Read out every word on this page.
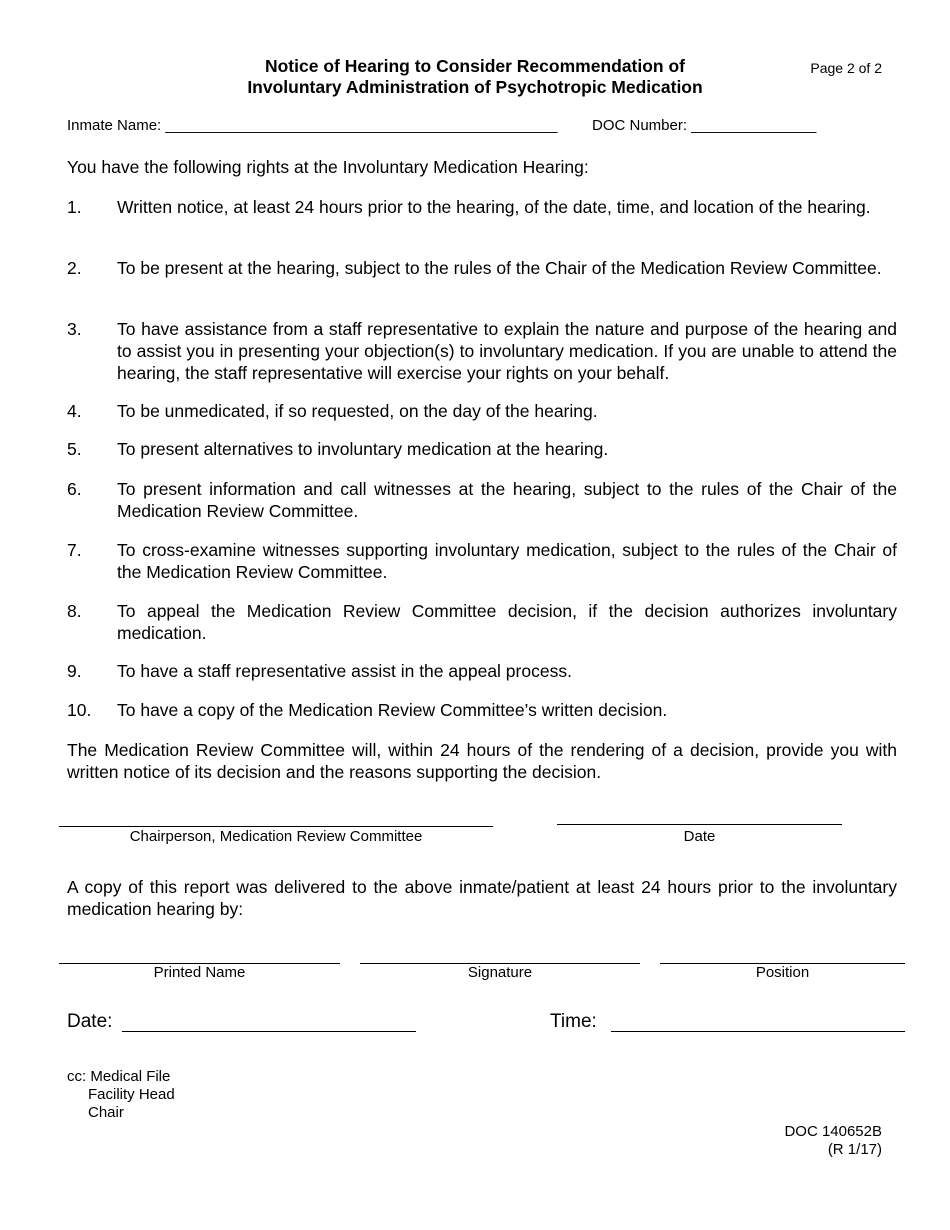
Notice of Hearing to Consider Recommendation of
Involuntary Administration of Psychotropic Medication
Page 2 of 2
Inmate Name: _______________________________________________ DOC Number: _______________
You have the following rights at the Involuntary Medication Hearing:
1. Written notice, at least 24 hours prior to the hearing, of the date, time, and location of the hearing.
2. To be present at the hearing, subject to the rules of the Chair of the Medication Review Committee.
3. To have assistance from a staff representative to explain the nature and purpose of the hearing and to assist you in presenting your objection(s) to involuntary medication. If you are unable to attend the hearing, the staff representative will exercise your rights on your behalf.
4. To be unmedicated, if so requested, on the day of the hearing.
5. To present alternatives to involuntary medication at the hearing.
6. To present information and call witnesses at the hearing, subject to the rules of the Chair of the Medication Review Committee.
7. To cross-examine witnesses supporting involuntary medication, subject to the rules of the Chair of the Medication Review Committee.
8. To appeal the Medication Review Committee decision, if the decision authorizes involuntary medication.
9. To have a staff representative assist in the appeal process.
10. To have a copy of the Medication Review Committee’s written decision.
The Medication Review Committee will, within 24 hours of the rendering of a decision, provide you with written notice of its decision and the reasons supporting the decision.
Chairperson, Medication Review Committee	Date
A copy of this report was delivered to the above inmate/patient at least 24 hours prior to the involuntary medication hearing by:
Printed Name	Signature	Position
Date:	Time:
cc: Medical File
Facility Head
Chair
DOC 140652B
(R 1/17)
